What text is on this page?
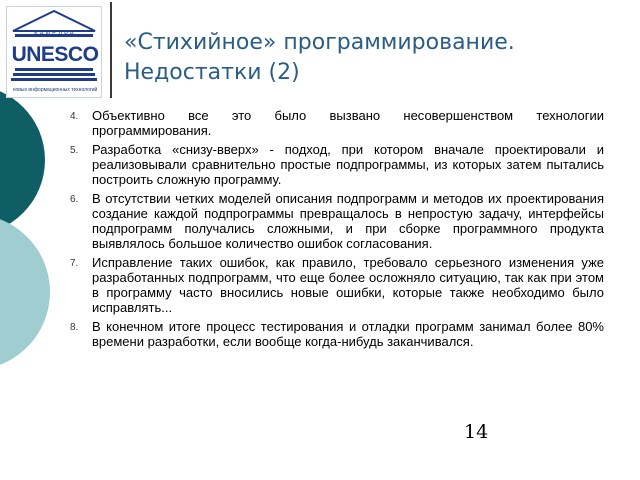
КАФЕДРА
UNESCO
новых информационных технологий
«Стихийное» программирование.
Недостатки (2)
4.	Объективно все это было вызвано несовершенством технологии программирования.
5.	Разработка «снизу-вверх» - подход, при котором вначале проектировали и реализовывали сравнительно простые подпрограммы, из которых затем пытались построить сложную программу.
6.	В отсутствии четких моделей описания подпрограмм и методов их проектирования создание каждой подпрограммы превращалось в непростую задачу, интерфейсы подпрограмм получались сложными, и при сборке программного продукта выявлялось большое количество ошибок согласования.
7.	Исправление таких ошибок, как правило, требовало серьезного изменения уже разработанных подпрограмм, что еще более осложняло ситуацию, так как при этом в программу часто вносились новые ошибки, которые также необходимо было исправлять...
8.	В конечном итоге процесс тестирования и отладки программ занимал более 80% времени разработки, если вообще когда-нибудь заканчивался.
14
